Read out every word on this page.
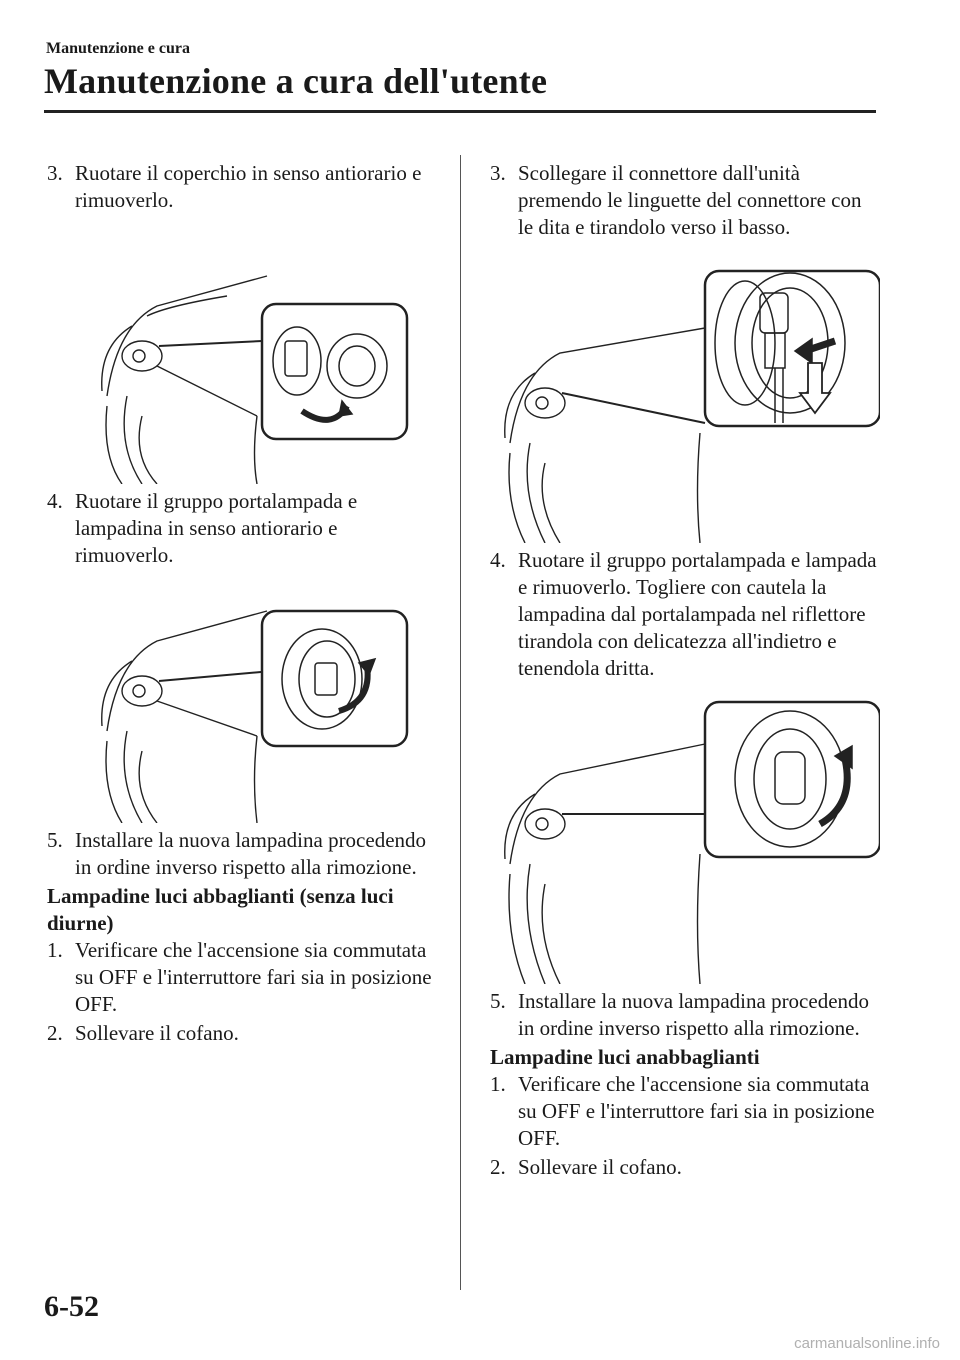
Manutenzione e cura
Manutenzione a cura dell'utente
3. Ruotare il coperchio in senso antiorario e rimuoverlo.
4. Ruotare il gruppo portalampada e lampadina in senso antiorario e rimuoverlo.
5. Installare la nuova lampadina procedendo in ordine inverso rispetto alla rimozione.

Lampadine luci abbaglianti (senza luci diurne)

1. Verificare che l'accensione sia commutata su OFF e l'interruttore fari sia in posizione OFF.
2. Sollevare il cofano.
3. Scollegare il connettore dall'unità premendo le linguette del connettore con le dita e tirandolo verso il basso.
4. Ruotare il gruppo portalampada e lampada e rimuoverlo. Togliere con cautela la lampadina dal portalampada nel riflettore tirandola con delicatezza all'indietro e tenendola dritta.
5. Installare la nuova lampadina procedendo in ordine inverso rispetto alla rimozione.

Lampadine luci anabbaglianti

1. Verificare che l'accensione sia commutata su OFF e l'interruttore fari sia in posizione OFF.
2. Sollevare il cofano.
6-52
carmanualsonline.info
